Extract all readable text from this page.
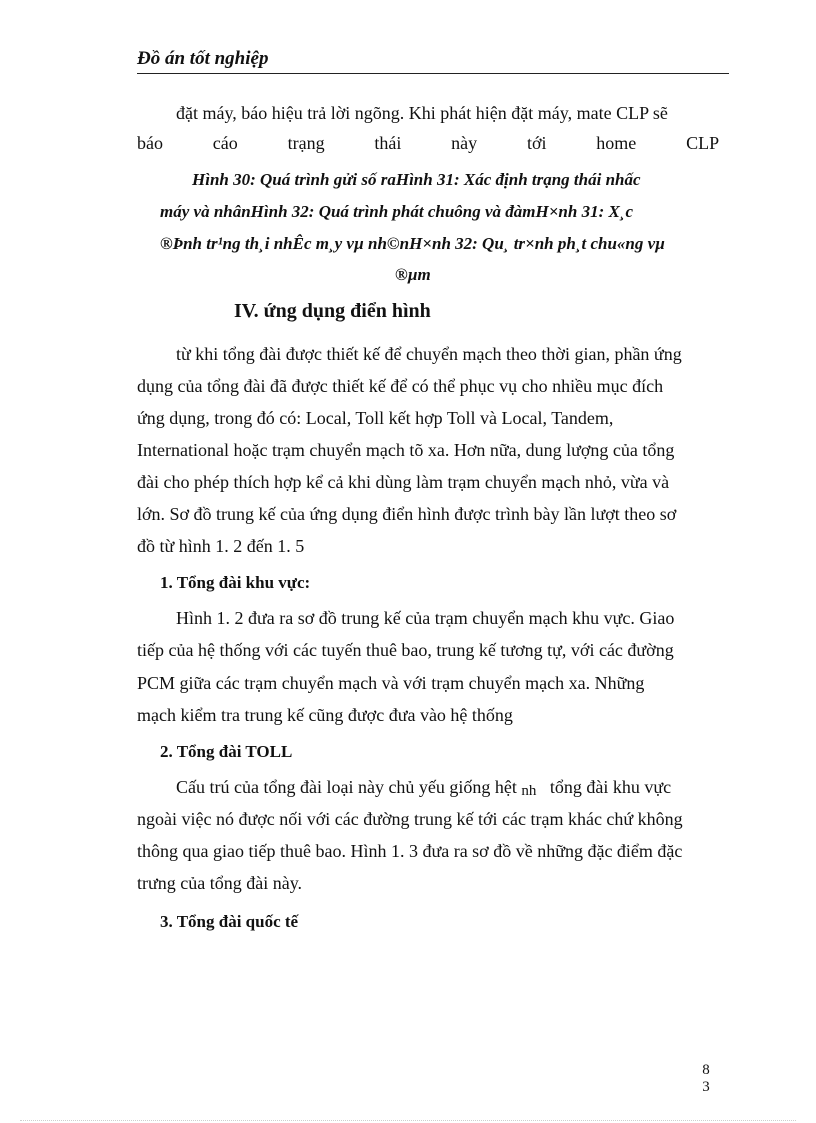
Đồ án tốt nghiệp
đặt máy, báo hiệu trả lời ngõng. Khi phát hiện đặt máy, mate CLP sẽ
báo	cáo	trạng	thái	này	tới	home	CLP
Hình 30: Quá trình gửi số raHình 31: Xác định trạng thái nhấc
máy và nhânHình 32: Quá trình phát chuông và đàmH×nh 31: X¸c
®Þnh tr¹ng th¸i nhÊc m¸y vµ nh©nH×nh 32: Qu¸ tr×nh ph¸t chu«ng vµ
®µm
IV. ứng dụng điển hình
từ khi tổng đài được thiết kế để chuyển mạch theo thời gian, phần ứng
dụng của tổng đài đã được thiết kế để có thể phục vụ cho nhiều mục đích
ứng dụng, trong đó có: Local, Toll kết hợp Toll và Local, Tandem,
International hoặc trạm chuyển mạch tõ xa. Hơn nữa, dung lượng của tổng
đài cho phép thích hợp kể cả khi dùng làm trạm chuyển mạch nhỏ, vừa và
lớn. Sơ đồ trung kế của ứng dụng điển hình được trình bày lần lượt theo sơ
đồ từ hình 1. 2 đến 1. 5
1. Tổng đài khu vực:
Hình 1. 2 đưa ra sơ đồ trung kế của trạm chuyển mạch khu vực. Giao
tiếp của hệ thống với các tuyến thuê bao, trung kế tương tự, với các đường
PCM giữa các trạm chuyển mạch và với trạm chuyển mạch xa. Những
mạch kiểm tra trung kế cũng được đưa vào hệ thống
2. Tổng đài TOLL
Cấu trú của tổng đài loại này chủ yếu giống hệt nh   tổng đài khu vực
ngoài việc nó được nối với các đường trung kế tới các trạm khác chứ không
thông qua giao tiếp thuê bao. Hình 1. 3 đưa ra sơ đồ về những đặc điểm đặc
trưng của tổng đài này.
3. Tổng đài quốc tế
8
3
